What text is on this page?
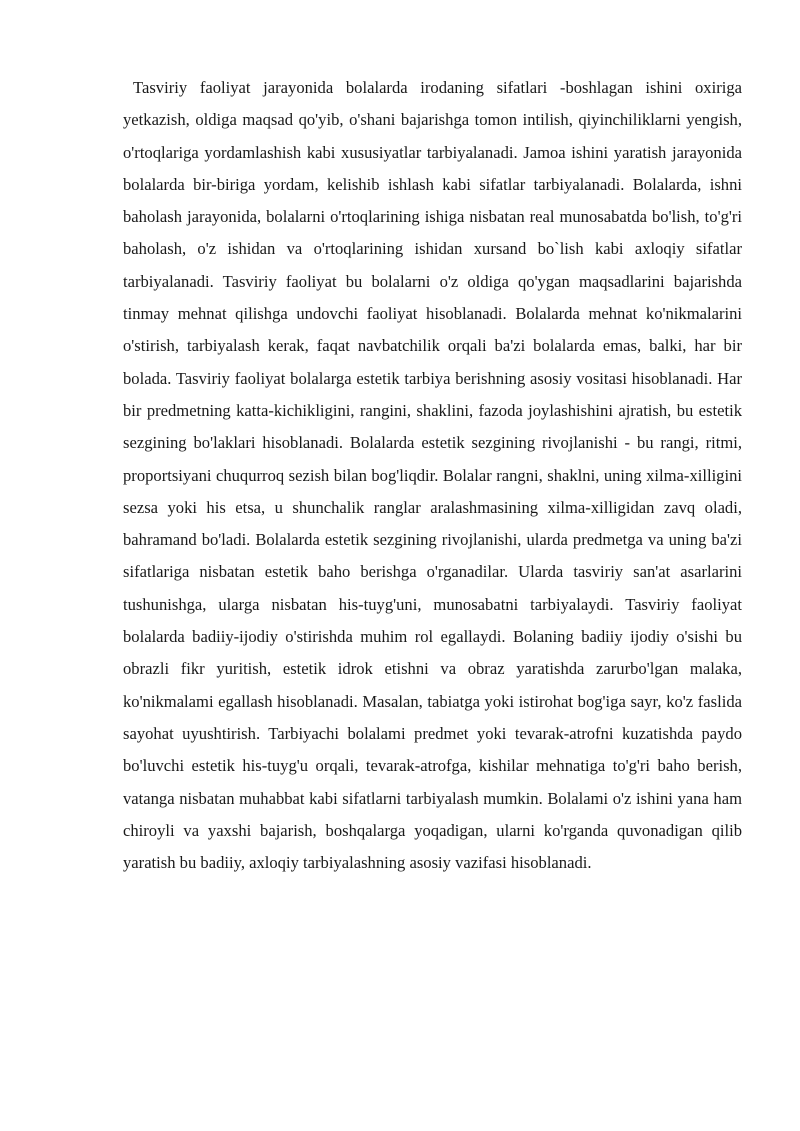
Tasviriy faoliyat jarayonida bolalarda irodaning sifatlari -boshlagan ishini oxiriga yetkazish, oldiga maqsad qo'yib, o'shani bajarishga tomon intilish, qiyinchiliklarni yengish, o'rtoqlariga yordamlashish kabi xususiyatlar tarbiyalanadi. Jamoa ishini yaratish jarayonida bolalarda bir-biriga yordam, kelishib ishlash kabi sifatlar tarbiyalanadi. Bolalarda, ishni baholash jarayonida, bolalarni o'rtoqlarining ishiga nisbatan real munosabatda bo'lish, to'g'ri baholash, o'z ishidan va o'rtoqlarining ishidan xursand bo`lish kabi axloqiy sifatlar tarbiyalanadi. Tasviriy faoliyat bu bolalarni o'z oldiga qo'ygan maqsadlarini bajarishda tinmay mehnat qilishga undovchi faoliyat hisoblanadi. Bolalarda mehnat ko'nikmalarini o'stirish, tarbiyalash kerak, faqat navbatchilik orqali ba'zi bolalarda emas, balki, har bir bolada. Tasviriy faoliyat bolalarga estetik tarbiya berishning asosiy vositasi hisoblanadi. Har bir predmetning katta-kichikligini, rangini, shaklini, fazoda joylashishini ajratish, bu estetik sezgining bo'laklari hisoblanadi. Bolalarda estetik sezgining rivojlanishi - bu rangi, ritmi, proportsiyani chuqurroq sezish bilan bog'liqdir. Bolalar rangni, shaklni, uning xilma-xilligini sezsa yoki his etsa, u shunchalik ranglar aralashmasining xilma-xilligidan zavq oladi, bahramand bo'ladi. Bolalarda estetik sezgining rivojlanishi, ularda predmetga va uning ba'zi sifatlariga nisbatan estetik baho berishga o'rganadilar. Ularda tasviriy san'at asarlarini tushunishga, ularga nisbatan his-tuyg'uni, munosabatni tarbiyalaydi. Tasviriy faoliyat bolalarda badiiy-ijodiy o'stirishda muhim rol egallaydi. Bolaning badiiy ijodiy o'sishi bu obrazli fikr yuritish, estetik idrok etishni va obraz yaratishda zarurbo'lgan malaka, ko'nikmalami egallash hisoblanadi. Masalan, tabiatga yoki istirohat bog'iga sayr, ko'z faslida sayohat uyushtirish. Tarbiyachi bolalami predmet yoki tevarak-atrofni kuzatishda paydo bo'luvchi estetik his-tuyg'u orqali, tevarak-atrofga, kishilar mehnatiga to'g'ri baho berish, vatanga nisbatan muhabbat kabi sifatlarni tarbiyalash mumkin. Bolalami o'z ishini yana ham chiroyli va yaxshi bajarish, boshqalarga yoqadigan, ularni ko'rganda quvonadigan qilib yaratish bu badiiy, axloqiy tarbiyalashning asosiy vazifasi hisoblanadi.
